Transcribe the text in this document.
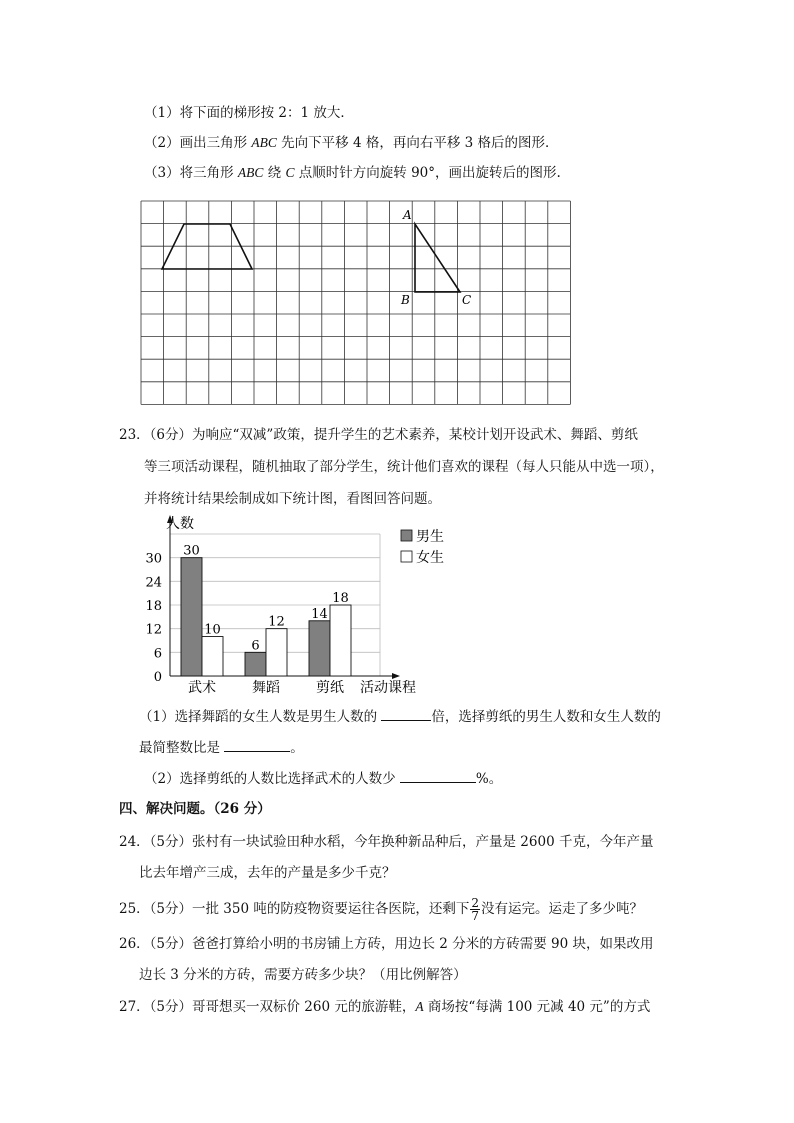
（1）将下面的梯形按 2：1 放大．
（2）画出三角形 ABC 先向下平移 4 格，再向右平移 3 格后的图形．
（3）将三角形 ABC 绕 C 点顺时针方向旋转 90°，画出旋转后的图形.
A
B	C
23．（6分）为响应“双减”政策，提升学生的艺术素养，某校计划开设武术、舞蹈、剪纸
等三项活动课程，随机抽取了部分学生，统计他们喜欢的课程（每人只能从中选一项），
并将统计结果绘制成如下统计图，看图回答问题。
0
6
12
18
24
30
30
10
武术
6
12
舞蹈
14
18
剪纸
人数
活动课程
男生
女生
（1）选择舞蹈的女生人数是男生人数的	倍，选择剪纸的男生人数和女生人数的
最简整数比是	。
（2）选择剪纸的人数比选择武术的人数少	%。
四、解决问题。（26 分）
24．（5分）张村有一块试验田种水稻，今年换种新品种后，产量是 2600 千克，今年产量
比去年增产三成，去年的产量是多少千克？
25．（5分）一批 350 吨的防疫物资要运往各医院，还剩下 $\frac{2}{7}$ 没有运完。运走了多少吨？
26．（5分）爸爸打算给小明的书房铺上方砖，用边长 2 分米的方砖需要 90 块，如果改用
边长 3 分米的方砖，需要方砖多少块？（用比例解答）
27．（5分）哥哥想买一双标价 260 元的旅游鞋，A 商场按“每满 100 元减 40 元”的方式
